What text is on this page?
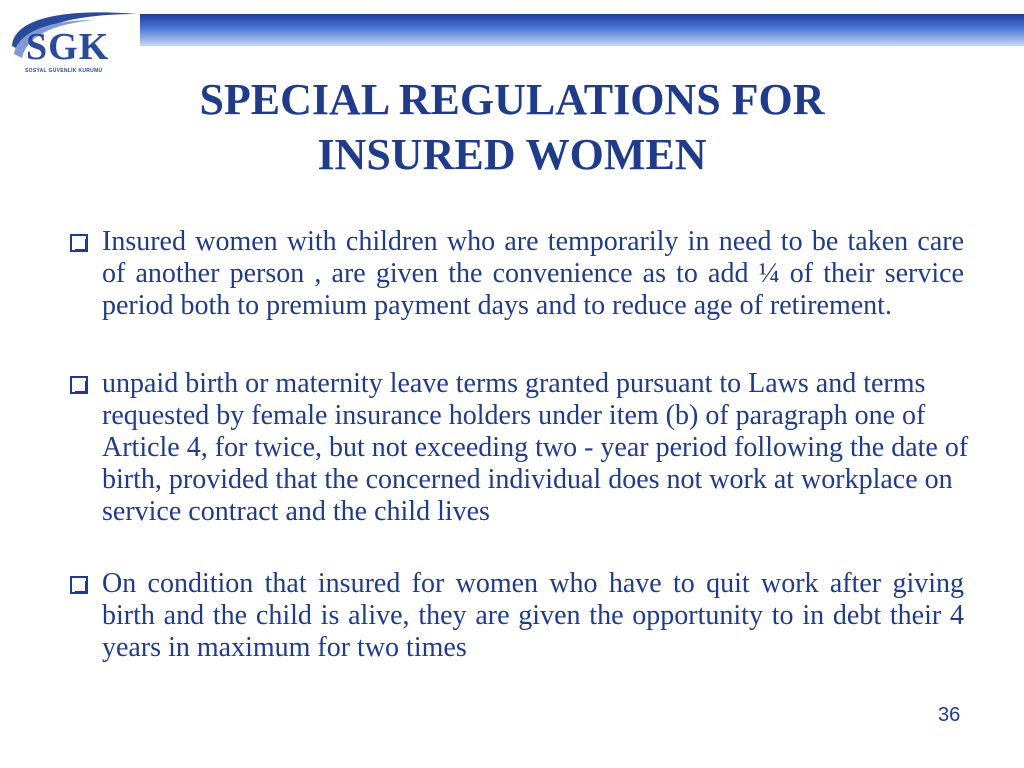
SGK
SOSYAL GÜVENLİK KURUMU
SPECIAL REGULATIONS FOR INSURED WOMEN
Insured women with children who are temporarily in need to be taken care of another person , are given the convenience as to add ¼ of their service period both to premium payment days and to reduce age of retirement.
unpaid birth or maternity leave terms granted pursuant to Laws and terms requested by female insurance holders under item (b) of paragraph one of Article 4, for twice, but not exceeding two - year period following the date of birth, provided that the concerned individual does not work at workplace on service contract and the child lives
On condition that insured for women who have to quit work after giving birth and the child is alive, they are given the opportunity to in debt their 4 years in maximum for two times
36
